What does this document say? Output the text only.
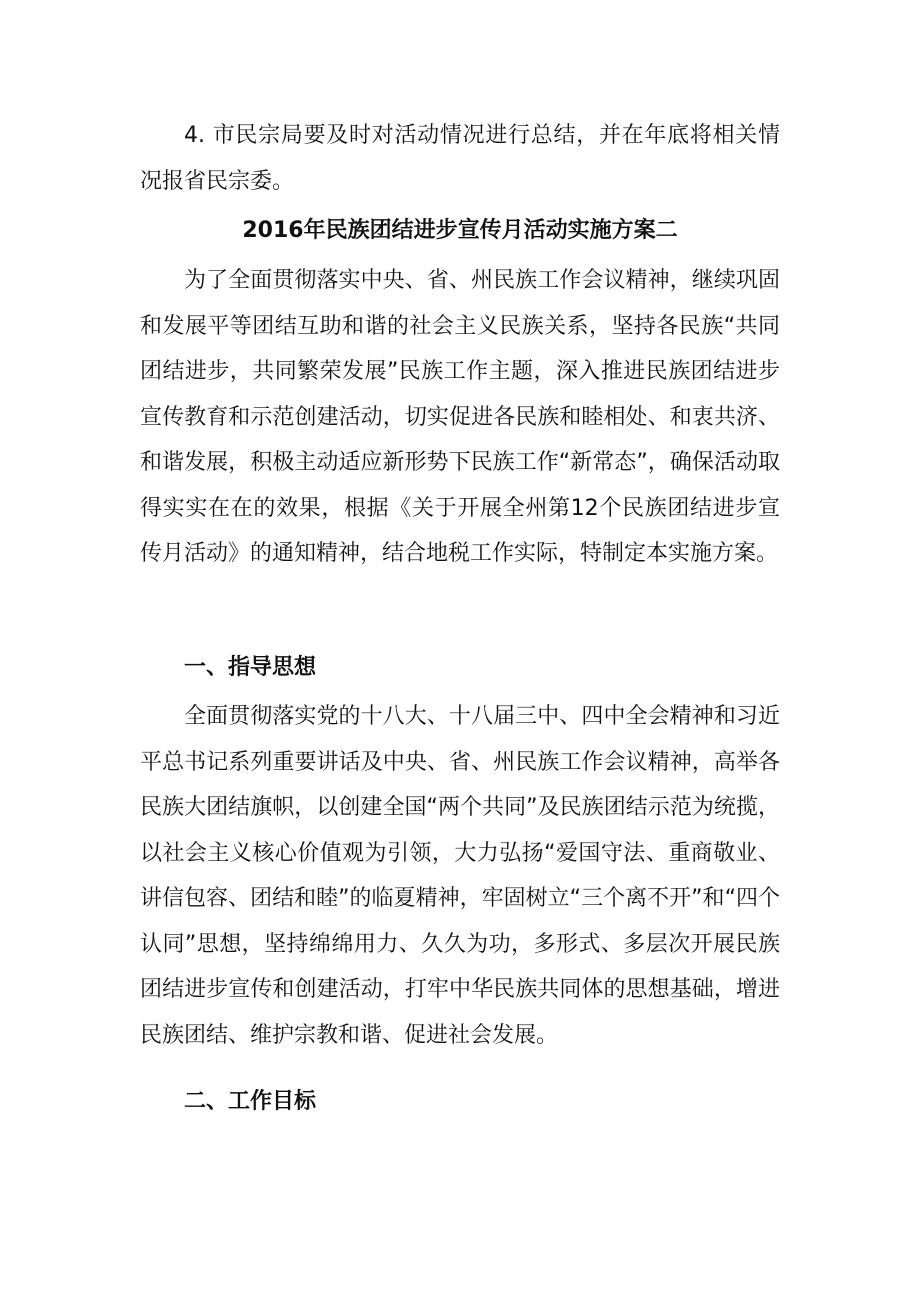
4. 市民宗局要及时对活动情况进行总结，并在年底将相关情况报省民宗委。

2016年民族团结进步宣传月活动实施方案二

为了全面贯彻落实中央、省、州民族工作会议精神，继续巩固和发展平等团结互助和谐的社会主义民族关系，坚持各民族“共同团结进步，共同繁荣发展”民族工作主题，深入推进民族团结进步宣传教育和示范创建活动，切实促进各民族和睦相处、和衷共济、和谐发展，积极主动适应新形势下民族工作“新常态”，确保活动取得实实在在的效果，根据《关于开展全州第12个民族团结进步宣传月活动》的通知精神，结合地税工作实际，特制定本实施方案。

一、指导思想

全面贯彻落实党的十八大、十八届三中、四中全会精神和习近平总书记系列重要讲话及中央、省、州民族工作会议精神，高举各民族大团结旗帜，以创建全国“两个共同”及民族团结示范为统揽，以社会主义核心价值观为引领，大力弘扬“爱国守法、重商敬业、讲信包容、团结和睦”的临夏精神，牢固树立“三个离不开”和“四个认同”思想，坚持绵绵用力、久久为功，多形式、多层次开展民族团结进步宣传和创建活动，打牢中华民族共同体的思想基础，增进民族团结、维护宗教和谐、促进社会发展。

二、工作目标
